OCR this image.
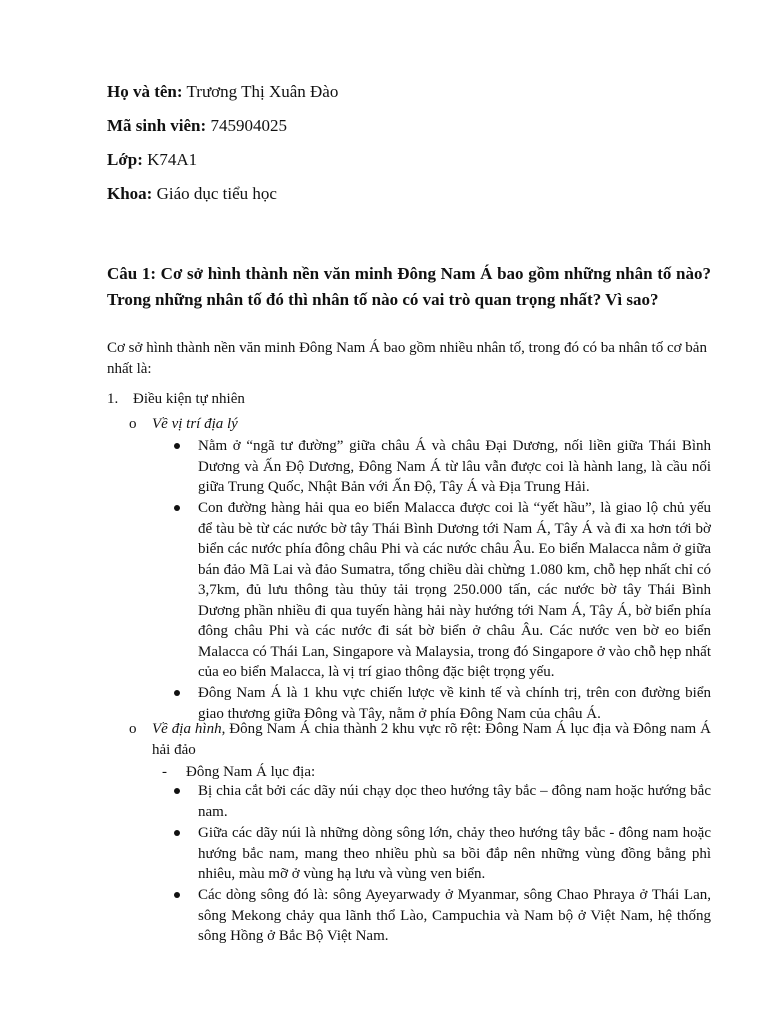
Họ và tên: Trương Thị Xuân Đào

Mã sinh viên: 745904025

Lớp: K74A1

Khoa: Giáo dục tiểu học

Câu 1: Cơ sở hình thành nền văn minh Đông Nam Á bao gồm những nhân tố nào? Trong những nhân tố đó thì nhân tố nào có vai trò quan trọng nhất? Vì sao?

Cơ sở hình thành nền văn minh Đông Nam Á bao gồm nhiều nhân tố, trong đó có ba nhân tố cơ bản nhất là:

1. Điều kiện tự nhiên
o Về vị trí địa lý
Nằm ở “ngã tư đường” giữa châu Á và châu Đại Dương, nối liền giữa Thái Bình Dương và Ấn Độ Dương, Đông Nam Á từ lâu vẫn được coi là hành lang, là cầu nối giữa Trung Quốc, Nhật Bản với Ấn Độ, Tây Á và Địa Trung Hải.
Con đường hàng hải qua eo biển Malacca được coi là “yết hầu”, là giao lộ chủ yếu để tàu bè từ các nước bờ tây Thái Bình Dương tới Nam Á, Tây Á và đi xa hơn tới bờ biển các nước phía đông châu Phi và các nước châu Âu. Eo biển Malacca nằm ở giữa bán đảo Mã Lai và đảo Sumatra, tổng chiều dài chừng 1.080 km, chỗ hẹp nhất chỉ có 3,7km, đủ lưu thông tàu thủy tải trọng 250.000 tấn, các nước bờ tây Thái Bình Dương phần nhiều đi qua tuyến hàng hải này hướng tới Nam Á, Tây Á, bờ biển phía đông châu Phi và các nước đi sát bờ biển ở châu Âu. Các nước ven bờ eo biển Malacca có Thái Lan, Singapore và Malaysia, trong đó Singapore ở vào chỗ hẹp nhất của eo biển Malacca, là vị trí giao thông đặc biệt trọng yếu.
Đông Nam Á là 1 khu vực chiến lược về kinh tế và chính trị, trên con đường biển giao thương giữa Đông và Tây, nằm ở phía Đông Nam của châu Á.
o Về địa hình, Đông Nam Á chia thành 2 khu vực rõ rệt: Đông Nam Á lục địa và Đông nam Á hải đảo
- Đông Nam Á lục địa:
Bị chia cắt bởi các dãy núi chạy dọc theo hướng tây bắc – đông nam hoặc hướng bắc nam.
Giữa các dãy núi là những dòng sông lớn, chảy theo hướng tây bắc - đông nam hoặc hướng bắc nam, mang theo nhiều phù sa bồi đắp nên những vùng đồng bằng phì nhiêu, màu mỡ ở vùng hạ lưu và vùng ven biển.
Các dòng sông đó là: sông Ayeyarwady ở Myanmar, sông Chao Phraya ở Thái Lan, sông Mekong chảy qua lãnh thổ Lào, Campuchia và Nam bộ ở Việt Nam, hệ thống sông Hồng ở Bắc Bộ Việt Nam.
